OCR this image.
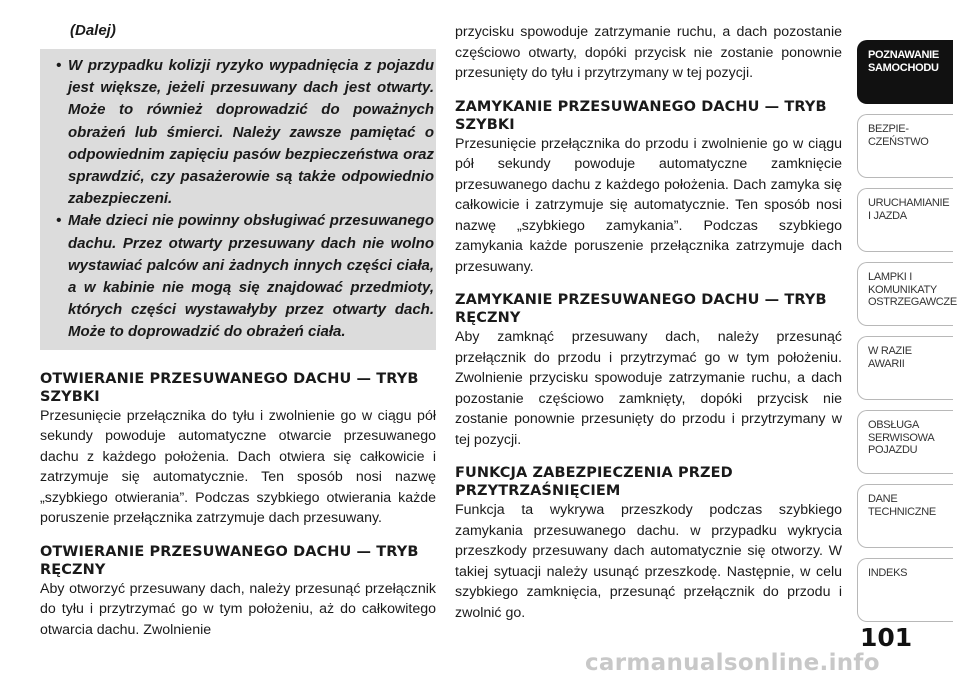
(Dalej)

• W przypadku kolizji ryzyko wypadnięcia z pojazdu jest większe, jeżeli przesuwany dach jest otwarty. Może to również doprowadzić do poważnych obrażeń lub śmierci. Należy zawsze pamiętać o odpowiednim zapięciu pasów bezpieczeństwa oraz sprawdzić, czy pasażerowie są także odpowiednio zabezpieczeni.

• Małe dzieci nie powinny obsługiwać przesuwanego dachu. Przez otwarty przesuwany dach nie wolno wystawiać palców ani żadnych innych części ciała, a w kabinie nie mogą się znajdować przedmioty, których części wystawałyby przez otwarty dach. Może to doprowadzić do obrażeń ciała.

OTWIERANIE PRZESUWANEGO DACHU — TRYB SZYBKI

Przesunięcie przełącznika do tyłu i zwolnienie go w ciągu pół sekundy powoduje automatyczne otwarcie przesuwanego dachu z każdego położenia. Dach otwiera się całkowicie i zatrzymuje się automatycznie. Ten sposób nosi nazwę „szybkiego otwierania”. Podczas szybkiego otwierania każde poruszenie przełącznika zatrzymuje dach przesuwany.

OTWIERANIE PRZESUWANEGO DACHU — TRYB RĘCZNY

Aby otworzyć przesuwany dach, należy przesunąć przełącznik do tyłu i przytrzymać go w tym położeniu, aż do całkowitego otwarcia dachu. Zwolnienie

przycisku spowoduje zatrzymanie ruchu, a dach pozostanie częściowo otwarty, dopóki przycisk nie zostanie ponownie przesunięty do tyłu i przytrzymany w tej pozycji.

ZAMYKANIE PRZESUWANEGO DACHU — TRYB SZYBKI

Przesunięcie przełącznika do przodu i zwolnienie go w ciągu pół sekundy powoduje automatyczne zamknięcie przesuwanego dachu z każdego położenia. Dach zamyka się całkowicie i zatrzymuje się automatycznie. Ten sposób nosi nazwę „szybkiego zamykania”. Podczas szybkiego zamykania każde poruszenie przełącznika zatrzymuje dach przesuwany.

ZAMYKANIE PRZESUWANEGO DACHU — TRYB RĘCZNY

Aby zamknąć przesuwany dach, należy przesunąć przełącznik do przodu i przytrzymać go w tym położeniu. Zwolnienie przycisku spowoduje zatrzymanie ruchu, a dach pozostanie częściowo zamknięty, dopóki przycisk nie zostanie ponownie przesunięty do przodu i przytrzymany w tej pozycji.

FUNKCJA ZABEZPIECZENIA PRZED PRZYTRZAŚNIĘCIEM

Funkcja ta wykrywa przeszkody podczas szybkiego zamykania przesuwanego dachu. w przypadku wykrycia przeszkody przesuwany dach automatycznie się otworzy. W takiej sytuacji należy usunąć przeszkodę. Następnie, w celu szybkiego zamknięcia, przesunąć przełącznik do przodu i zwolnić go.

POZNAWANIE SAMOCHODU
BEZPIE-CZEŃSTWO
URUCHAMIANIE I JAZDA
LAMPKI I KOMUNIKATY OSTRZEGAWCZE
W RAZIE AWARII
OBSŁUGA SERWISOWA POJAZDU
DANE TECHNICZNE
INDEKS
101
carmanualsonline.info
